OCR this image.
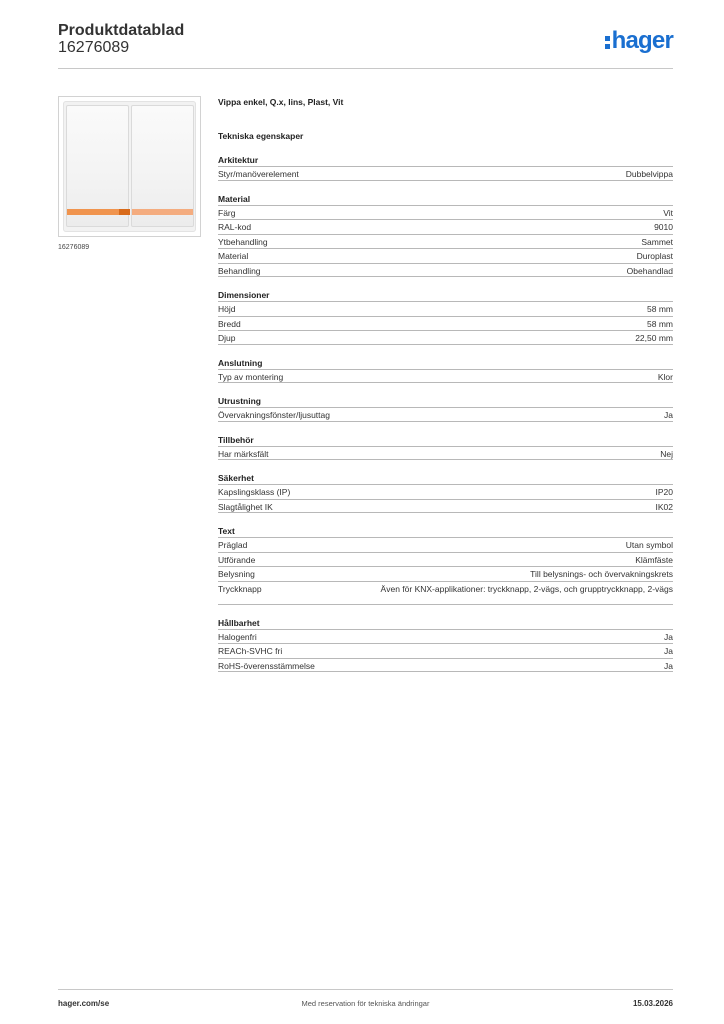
Produktdatablad
16276089	hager
16276089
Vippa enkel, Q.x, lins, Plast, Vit
Tekniska egenskaper
Arkitektur
Styr/manöverelement	Dubbelvippa
Material
Färg	Vit
RAL-kod	9010
Ytbehandling	Sammet
Material	Duroplast
Behandling	Obehandlad
Dimensioner
Höjd	58 mm
Bredd	58 mm
Djup	22,50 mm
Anslutning
Typ av montering	Klor
Utrustning
Övervakningsfönster/ljusuttag	Ja
Tillbehör
Har märksfält	Nej
Säkerhet
Kapslingsklass (IP)	IP20
Slagtålighet IK	IK02
Text
Präglad	Utan symbol
Utförande	Klämfäste
Belysning	Till belysnings- och övervakningskrets
Tryckknapp	Även för KNX-applikationer: tryckknapp, 2-vägs, och grupptryckknapp, 2-vägs
Hållbarhet
Halogenfri	Ja
REACh-SVHC fri	Ja
RoHS-överensstämmelse	Ja
hager.com/se	Med reservation för tekniska ändringar	15.03.2026
